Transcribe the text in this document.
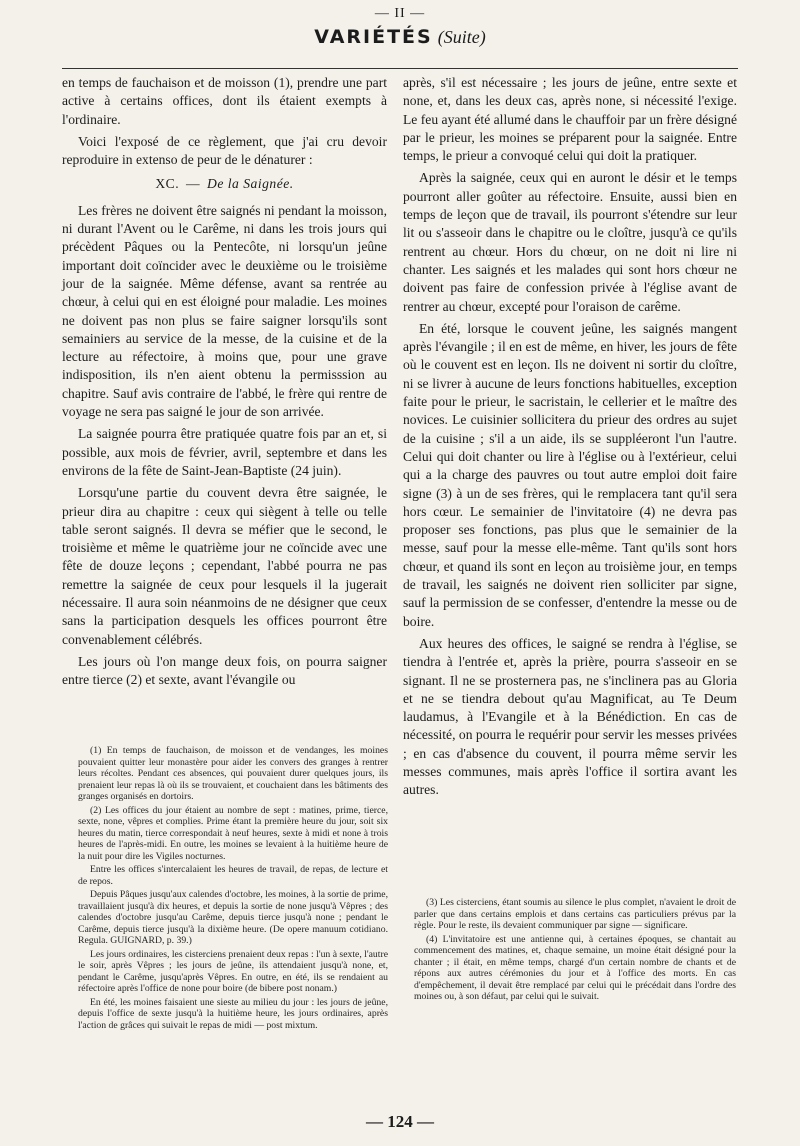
— II —
VARIÉTÉS (Suite)

en temps de fauchaison et de moisson (1), prendre une part active à certains offices, dont ils étaient exempts à l'ordinaire.

Voici l'exposé de ce règlement, que j'ai cru devoir reproduire in extenso de peur de le dénaturer :

XC. — De la Saignée.

Les frères ne doivent être saignés ni pendant la moisson, ni durant l'Avent ou le Carême, ni dans les trois jours qui précèdent Pâques ou la Pentecôte, ni lorsqu'un jeûne important doit coïncider avec le deuxième ou le troisième jour de la saignée. Même défense, avant sa rentrée au chœur, à celui qui en est éloigné pour maladie. Les moines ne doivent pas non plus se faire saigner lorsqu'ils sont semainiers au service de la messe, de la cuisine et de la lecture au réfectoire, à moins que, pour une grave indisposition, ils n'en aient obtenu la permisssion au chapitre. Sauf avis contraire de l'abbé, le frère qui rentre de voyage ne sera pas saigné le jour de son arrivée.

La saignée pourra être pratiquée quatre fois par an et, si possible, aux mois de février, avril, septembre et dans les environs de la fête de Saint-Jean-Baptiste (24 juin).

Lorsqu'une partie du couvent devra être saignée, le prieur dira au chapitre : ceux qui siègent à telle ou telle table seront saignés. Il devra se méfier que le second, le troisième et même le quatrième jour ne coïncide avec une fête de douze leçons ; cependant, l'abbé pourra ne pas remettre la saignée de ceux pour lesquels il la jugerait nécessaire. Il aura soin néanmoins de ne désigner que ceux sans la participation desquels les offices pourront être convenablement célébrés.

Les jours où l'on mange deux fois, on pourra saigner entre tierce (2) et sexte, avant l'évangile ou

après, s'il est nécessaire ; les jours de jeûne, entre sexte et none, et, dans les deux cas, après none, si nécessité l'exige. Le feu ayant été allumé dans le chauffoir par un frère désigné par le prieur, les moines se préparent pour la saignée. Entre temps, le prieur a convoqué celui qui doit la pratiquer.

Après la saignée, ceux qui en auront le désir et le temps pourront aller goûter au réfectoire. Ensuite, aussi bien en temps de leçon que de travail, ils pourront s'étendre sur leur lit ou s'asseoir dans le chapitre ou le cloître, jusqu'à ce qu'ils rentrent au chœur. Hors du chœur, on ne doit ni lire ni chanter. Les saignés et les malades qui sont hors chœur ne doivent pas faire de confession privée à l'église avant de rentrer au chœur, excepté pour l'oraison de carême.

En été, lorsque le couvent jeûne, les saignés mangent après l'évangile ; il en est de même, en hiver, les jours de fête où le couvent est en leçon. Ils ne doivent ni sortir du cloître, ni se livrer à aucune de leurs fonctions habituelles, exception faite pour le prieur, le sacristain, le cellerier et le maître des novices. Le cuisinier sollicitera du prieur des ordres au sujet de la cuisine ; s'il a un aide, ils se suppléeront l'un l'autre. Celui qui doit chanter ou lire à l'église ou à l'extérieur, celui qui a la charge des pauvres ou tout autre emploi doit faire signe (3) à un de ses frères, qui le remplacera tant qu'il sera hors cœur. Le semainier de l'invitatoire (4) ne devra pas proposer ses fonctions, pas plus que le semainier de la messe, sauf pour la messe elle-même. Tant qu'ils sont hors chœur, et quand ils sont en leçon au troisième jour, en temps de travail, les saignés ne doivent rien solliciter par signe, sauf la permission de se confesser, d'entendre la messe ou de boire.

Aux heures des offices, le saigné se rendra à l'église, se tiendra à l'entrée et, après la prière, pourra s'asseoir en se signant. Il ne se prosternera pas, ne s'inclinera pas au Gloria et ne se tiendra debout qu'au Magnificat, au Te Deum laudamus, à l'Evangile et à la Bénédiction. En cas de nécessité, on pourra le requérir pour servir les messes privées ; en cas d'absence du couvent, il pourra même servir les messes communes, mais après l'office il sortira avant les autres.

(1) En temps de fauchaison, de moisson et de vendanges, les moines pouvaient quitter leur monastère pour aider les convers des granges à rentrer leurs récoltes. Pendant ces absences, qui pouvaient durer quelques jours, ils prenaient leur repas là où ils se trouvaient, et couchaient dans les bâtiments des granges organisés en dortoirs.

(2) Les offices du jour étaient au nombre de sept : matines, prime, tierce, sexte, none, vêpres et complies. Prime étant la première heure du jour, soit six heures du matin, tierce correspondait à neuf heures, sexte à midi et none à trois heures de l'après-midi. En outre, les moines se levaient à la huitième heure de la nuit pour dire les Vigiles nocturnes.

Entre les offices s'intercalaient les heures de travail, de repas, de lecture et de repos.

Depuis Pâques jusqu'aux calendes d'octobre, les moines, à la sortie de prime, travaillaient jusqu'à dix heures, et depuis la sortie de none jusqu'à Vêpres ; des calendes d'octobre jusqu'au Carême, depuis tierce jusqu'à none ; pendant le Carême, depuis tierce jusqu'à la dixième heure. (De opere manuum cotidiano. Regula. GUIGNARD, p. 39.)

Les jours ordinaires, les cisterciens prenaient deux repas : l'un à sexte, l'autre le soir, après Vêpres ; les jours de jeûne, ils attendaient jusqu'à none, et, pendant le Carême, jusqu'après Vêpres. En outre, en été, ils se rendaient au réfectoire après l'office de none pour boire (de bibere post nonam.)

En été, les moines faisaient une sieste au milieu du jour : les jours de jeûne, depuis l'office de sexte jusqu'à la huitième heure, les jours ordinaires, après l'action de grâces qui suivait le repas de midi — post mixtum.

(3) Les cisterciens, étant soumis au silence le plus complet, n'avaient le droit de parler que dans certains emplois et dans certains cas particuliers prévus par la règle. Pour le reste, ils devaient communiquer par signe — significare.

(4) L'invitatoire est une antienne qui, à certaines époques, se chantait au commencement des matines, et, chaque semaine, un moine était désigné pour la chanter ; il était, en même temps, chargé d'un certain nombre de chants et de répons aux autres cérémonies du jour et à l'office des morts. En cas d'empêchement, il devait être remplacé par celui qui le précédait dans l'ordre des moines ou, à son défaut, par celui qui le suivait.

— 124 —
